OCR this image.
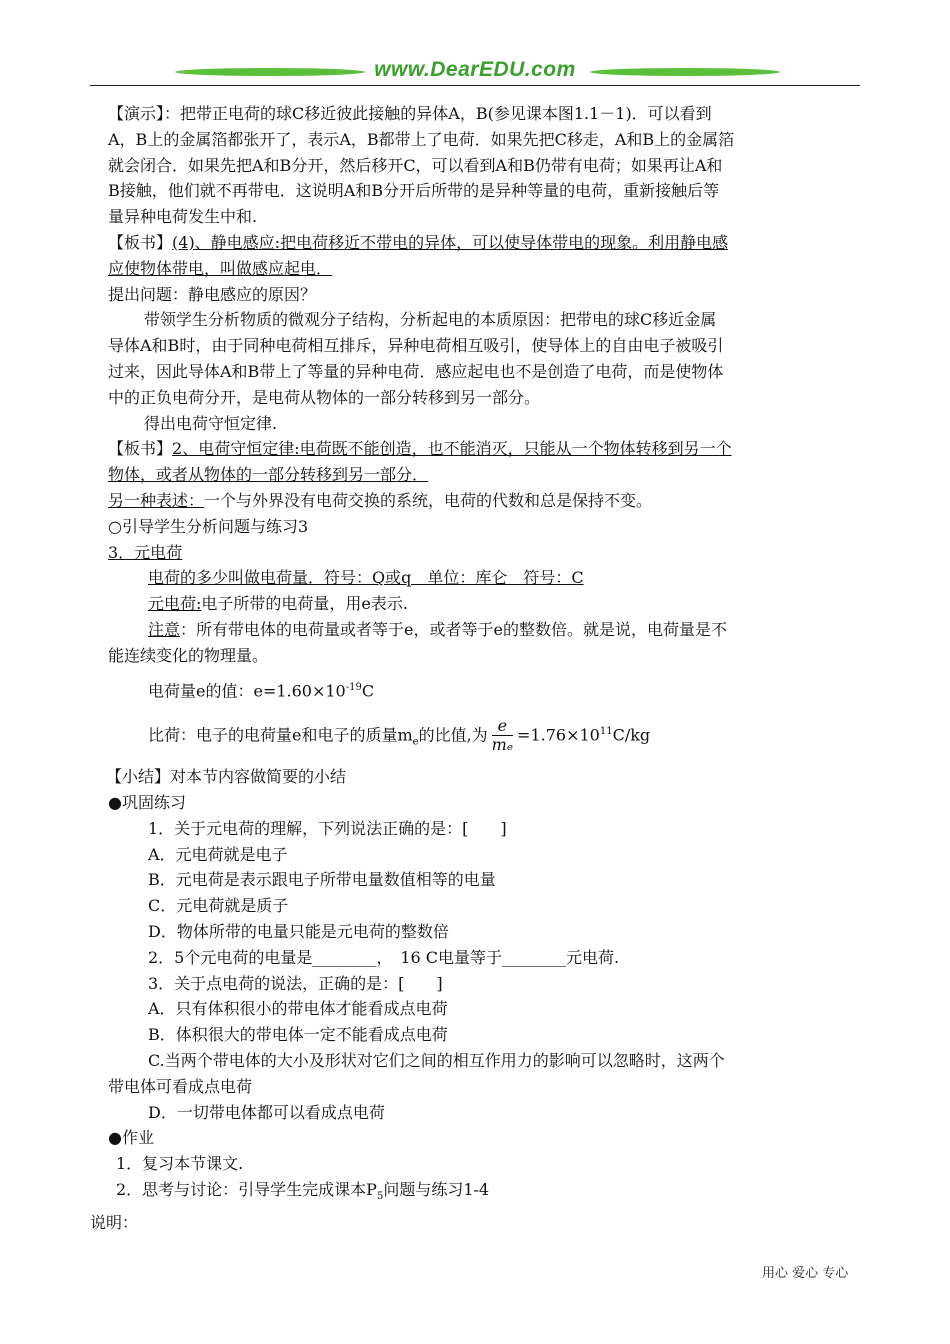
www.DearEDU.com

【演示】：把带正电荷的球C移近彼此接触的异体A，B(参见课本图1.1－1)．可以看到

A，B上的金属箔都张开了，表示A，B都带上了电荷．如果先把C移走，A和B上的金属箔

就会闭合．如果先把A和B分开，然后移开C，可以看到A和B仍带有电荷；如果再让A和

B接触，他们就不再带电．这说明A和B分开后所带的是异种等量的电荷，重新接触后等

量异种电荷发生中和.

【板书】(4)、静电感应:把电荷移近不带电的异体，可以使导体带电的现象。利用静电感

应使物体带电，叫做感应起电．

提出问题：静电感应的原因？

带领学生分析物质的微观分子结构，分析起电的本质原因：把带电的球C移近金属

导体A和B时，由于同种电荷相互排斥，异种电荷相互吸引，使导体上的自由电子被吸引

过来，因此导体A和B带上了等量的异种电荷．感应起电也不是创造了电荷，而是使物体

中的正负电荷分开，是电荷从物体的一部分转移到另一部分。

得出电荷守恒定律.

【板书】2、电荷守恒定律:电荷既不能创造，也不能消灭，只能从一个物体转移到另一个

物体，或者从物体的一部分转移到另一部分．

另一种表述：一个与外界没有电荷交换的系统，电荷的代数和总是保持不变。

○引导学生分析问题与练习3

3．元电荷

电荷的多少叫做电荷量．符号：Q或q　单位：库仑　符号：C

元电荷:电子所带的电荷量，用e表示.

注意：所有带电体的电荷量或者等于e，或者等于e的整数倍。就是说，电荷量是不

能连续变化的物理量。

电荷量e的值：$e=1.60\times 10^{-19}C$

比荷：电子的电荷量e和电子的质量$m_e$的比值,为 $\frac{e}{\text{mₑ}} =1.76\times 10^{11}C/kg$

【小结】对本节内容做简要的小结

●巩固练习

1．关于元电荷的理解，下列说法正确的是：[　　]

A．元电荷就是电子

B．元电荷是表示跟电子所带电量数值相等的电量

C．元电荷就是质子

D．物体所带的电量只能是元电荷的整数倍

2．5个元电荷的电量是________，　16 C电量等于________元电荷.

3．关于点电荷的说法，正确的是：[　　]

A．只有体积很小的带电体才能看成点电荷

B．体积很大的带电体一定不能看成点电荷

C.当两个带电体的大小及形状对它们之间的相互作用力的影响可以忽略时，这两个

带电体可看成点电荷

D．一切带电体都可以看成点电荷

●作业

1．复习本节课文.

2．思考与讨论：引导学生完成课本$P_5$问题与练习1-4

说明：

用心 爱心 专心
